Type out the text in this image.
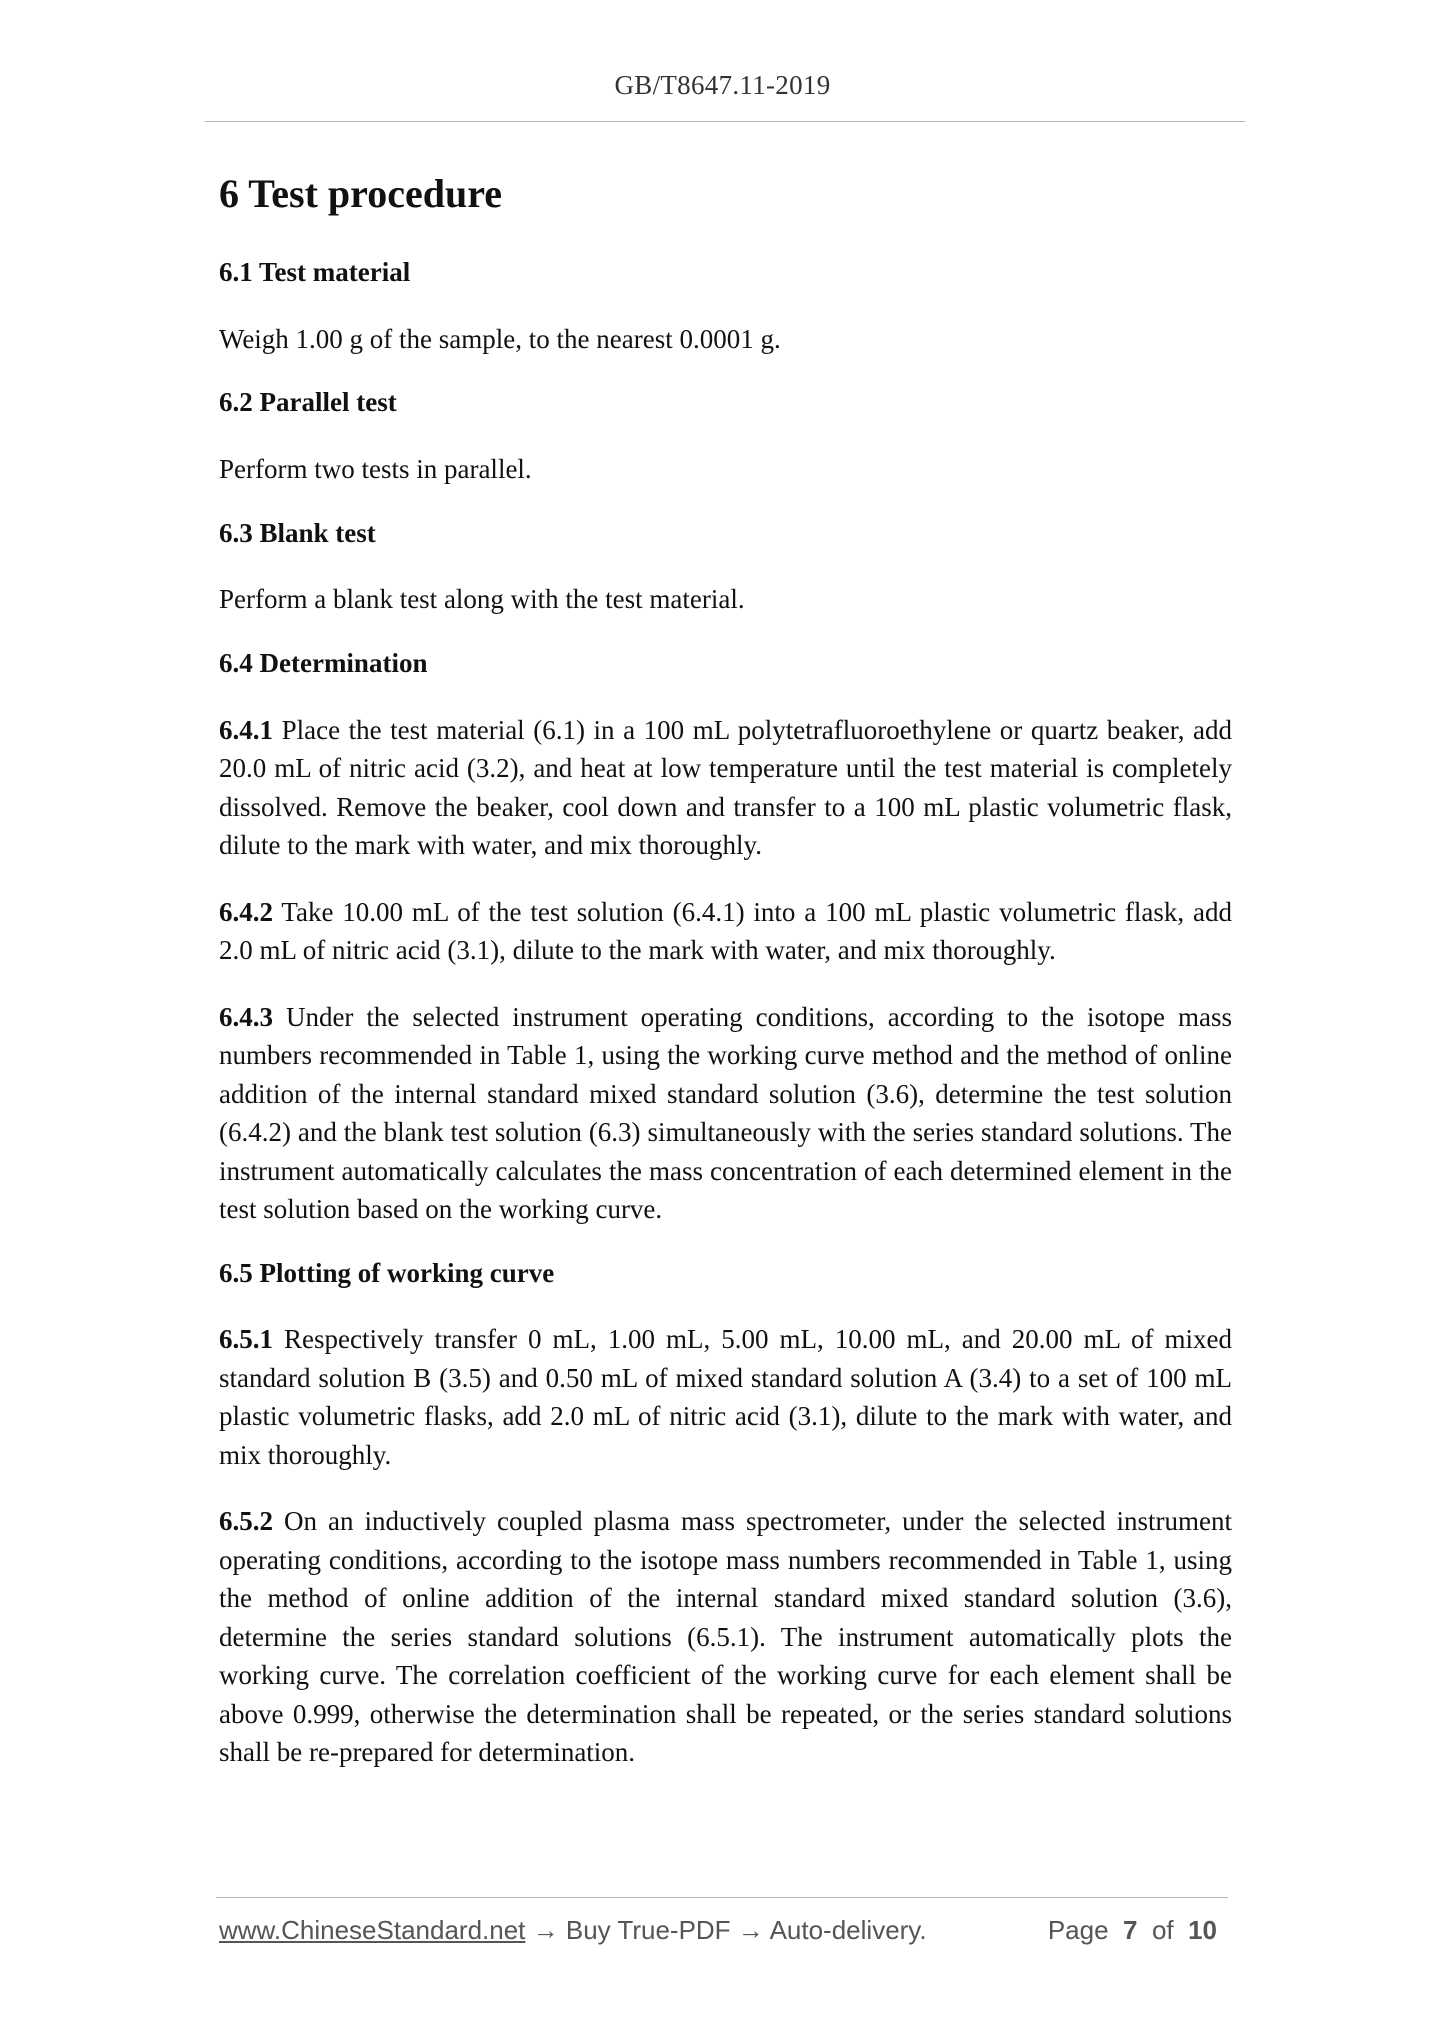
GB/T8647.11-2019
6 Test procedure
6.1 Test material

Weigh 1.00 g of the sample, to the nearest 0.0001 g.

6.2 Parallel test

Perform two tests in parallel.

6.3 Blank test

Perform a blank test along with the test material.

6.4 Determination

6.4.1 Place the test material (6.1) in a 100 mL polytetrafluoroethylene or quartz beaker, add 20.0 mL of nitric acid (3.2), and heat at low temperature until the test material is completely dissolved. Remove the beaker, cool down and transfer to a 100 mL plastic volumetric flask, dilute to the mark with water, and mix thoroughly.

6.4.2 Take 10.00 mL of the test solution (6.4.1) into a 100 mL plastic volumetric flask, add 2.0 mL of nitric acid (3.1), dilute to the mark with water, and mix thoroughly.

6.4.3 Under the selected instrument operating conditions, according to the isotope mass numbers recommended in Table 1, using the working curve method and the method of online addition of the internal standard mixed standard solution (3.6), determine the test solution (6.4.2) and the blank test solution (6.3) simultaneously with the series standard solutions. The instrument automatically calculates the mass concentration of each determined element in the test solution based on the working curve.

6.5 Plotting of working curve

6.5.1 Respectively transfer 0 mL, 1.00 mL, 5.00 mL, 10.00 mL, and 20.00 mL of mixed standard solution B (3.5) and 0.50 mL of mixed standard solution A (3.4) to a set of 100 mL plastic volumetric flasks, add 2.0 mL of nitric acid (3.1), dilute to the mark with water, and mix thoroughly.

6.5.2 On an inductively coupled plasma mass spectrometer, under the selected instrument operating conditions, according to the isotope mass numbers recommended in Table 1, using the method of online addition of the internal standard mixed standard solution (3.6), determine the series standard solutions (6.5.1). The instrument automatically plots the working curve. The correlation coefficient of the working curve for each element shall be above 0.999, otherwise the determination shall be repeated, or the series standard solutions shall be re-prepared for determination.

www.ChineseStandard.net → Buy True-PDF → Auto-delivery.	Page 7 of 10
